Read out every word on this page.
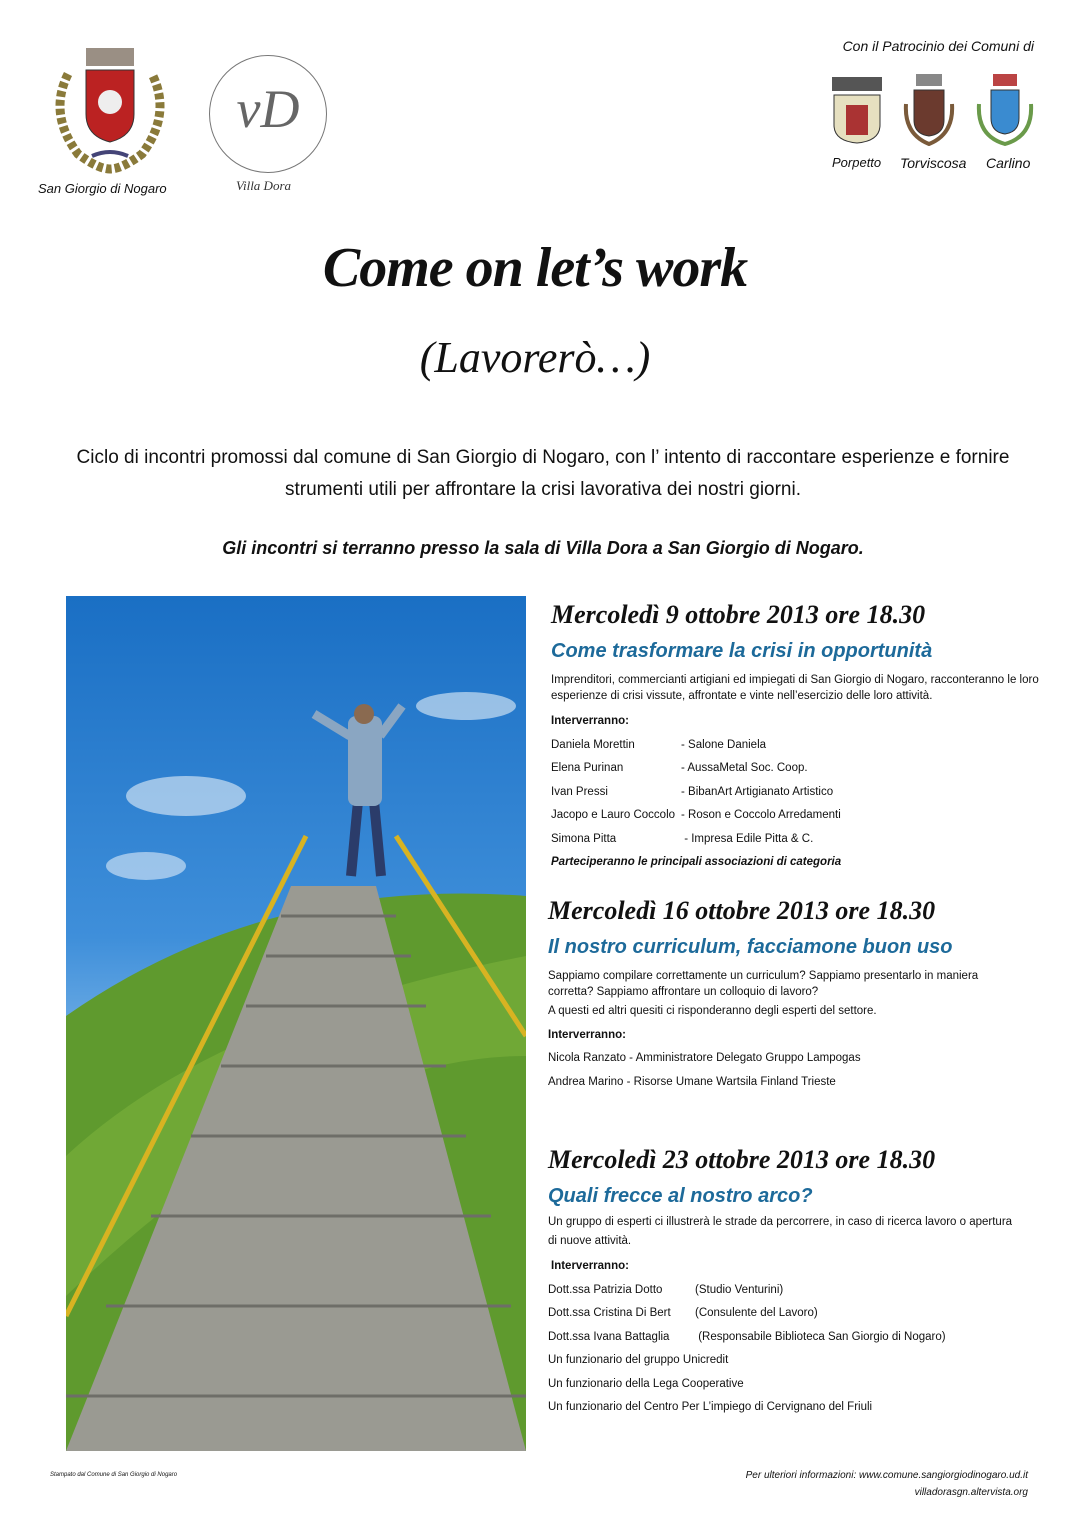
San Giorgio di Nogaro
vD
Villa Dora
Con il Patrocinio dei Comuni di
Porpetto Torviscosa Carlino
Come on let’s work
(Lavorerò…)
Ciclo di incontri promossi dal comune di San Giorgio di Nogaro, con l’ intento di raccontare esperienze e fornire strumenti utili per affrontare la crisi lavorativa dei nostri giorni.
Gli incontri si terranno presso la sala di Villa Dora a San Giorgio di Nogaro.
Mercoledì 9 ottobre 2013 ore 18.30
Come trasformare la crisi in opportunità

Imprenditori, commercianti artigiani ed impiegati di San Giorgio di Nogaro, racconteranno le loro esperienze di crisi vissute, affrontate e vinte nell’esercizio delle loro attività.

Interverranno:
Daniela Morettin	- Salone Daniela
Elena Purinan	- AussaMetal Soc. Coop.
Ivan Pressi	- BibanArt Artigianato Artistico
Jacopo e Lauro Coccolo - Roson e Coccolo Arredamenti
Simona Pitta	- Impresa Edile Pitta & C.
Parteciperanno le principali associazioni di categoria
Mercoledì 16 ottobre 2013 ore 18.30
Il nostro curriculum, facciamone buon uso

Sappiamo compilare correttamente un curriculum? Sappiamo presentarlo in maniera corretta? Sappiamo affrontare un colloquio di lavoro?

A questi ed altri quesiti ci risponderanno degli esperti del settore.
Interverranno:
Nicola Ranzato - Amministratore Delegato Gruppo Lampogas
Andrea Marino - Risorse Umane Wartsila Finland Trieste
Mercoledì 23 ottobre 2013 ore 18.30
Quali frecce al nostro arco?

Un gruppo di esperti ci illustrerà le strade da percorrere, in caso di ricerca lavoro o apertura di nuove attività.

Interverranno:
Dott.ssa Patrizia Dotto	(Studio Venturini)
Dott.ssa Cristina Di Bert (Consulente del Lavoro)
Dott.ssa Ivana Battaglia (Responsabile Biblioteca San Giorgio di Nogaro)
Un funzionario del gruppo Unicredit
Un funzionario della Lega Cooperative
Un funzionario del Centro Per L’impiego di Cervignano del Friuli
Stampato dal Comune di San Giorgio di Nogaro	Per ulteriori informazioni: www.comune.sangiorgiodinogaro.ud.it
villadorasgn.altervista.org
